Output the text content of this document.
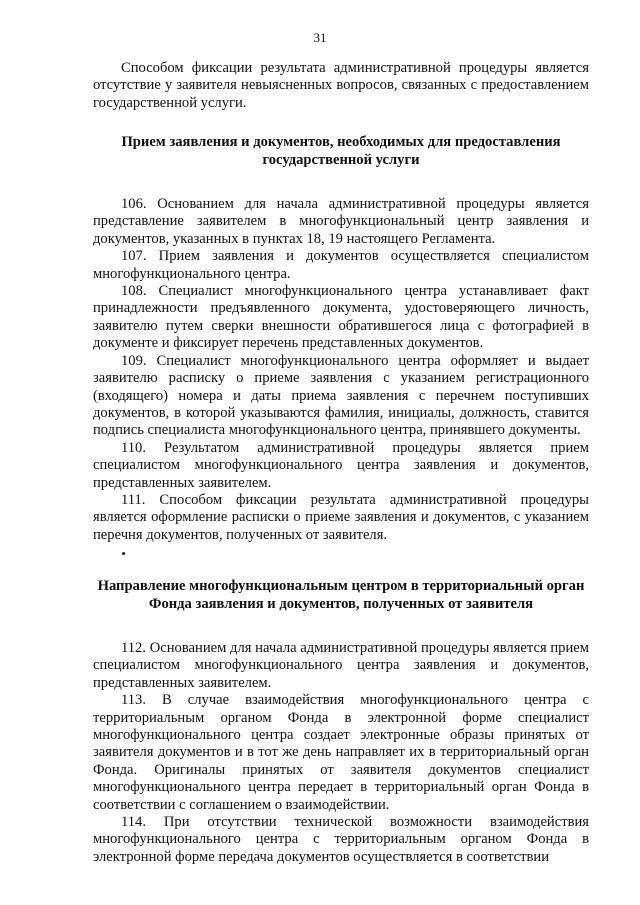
31

Способом фиксации результата административной процедуры является отсутствие у заявителя невыясненных вопросов, связанных с предоставлением государственной услуги.

Прием заявления и документов, необходимых для предоставления государственной услуги

106. Основанием для начала административной процедуры является представление заявителем в многофункциональный центр заявления и документов, указанных в пунктах 18, 19 настоящего Регламента.

107. Прием заявления и документов осуществляется специалистом многофункционального центра.

108. Специалист многофункционального центра устанавливает факт принадлежности предъявленного документа, удостоверяющего личность, заявителю путем сверки внешности обратившегося лица с фотографией в документе и фиксирует перечень представленных документов.

109. Специалист многофункционального центра оформляет и выдает заявителю расписку о приеме заявления с указанием регистрационного (входящего) номера и даты приема заявления с перечнем поступивших документов, в которой указываются фамилия, инициалы, должность, ставится подпись специалиста многофункционального центра, принявшего документы.

110. Результатом административной процедуры является прием специалистом многофункционального центра заявления и документов, представленных заявителем.

111. Способом фиксации результата административной процедуры является оформление расписки о приеме заявления и документов, с указанием перечня документов, полученных от заявителя.

Направление многофункциональным центром в территориальный орган Фонда заявления и документов, полученных от заявителя

112. Основанием для начала административной процедуры является прием специалистом многофункционального центра заявления и документов, представленных заявителем.

113. В случае взаимодействия многофункционального центра с территориальным органом Фонда в электронной форме специалист многофункционального центра создает электронные образы принятых от заявителя документов и в тот же день направляет их в территориальный орган Фонда. Оригиналы принятых от заявителя документов специалист многофункционального центра передает в территориальный орган Фонда в соответствии с соглашением о взаимодействии.

114. При отсутствии технической возможности взаимодействия многофункционального центра с территориальным органом Фонда в электронной форме передача документов осуществляется в соответствии
